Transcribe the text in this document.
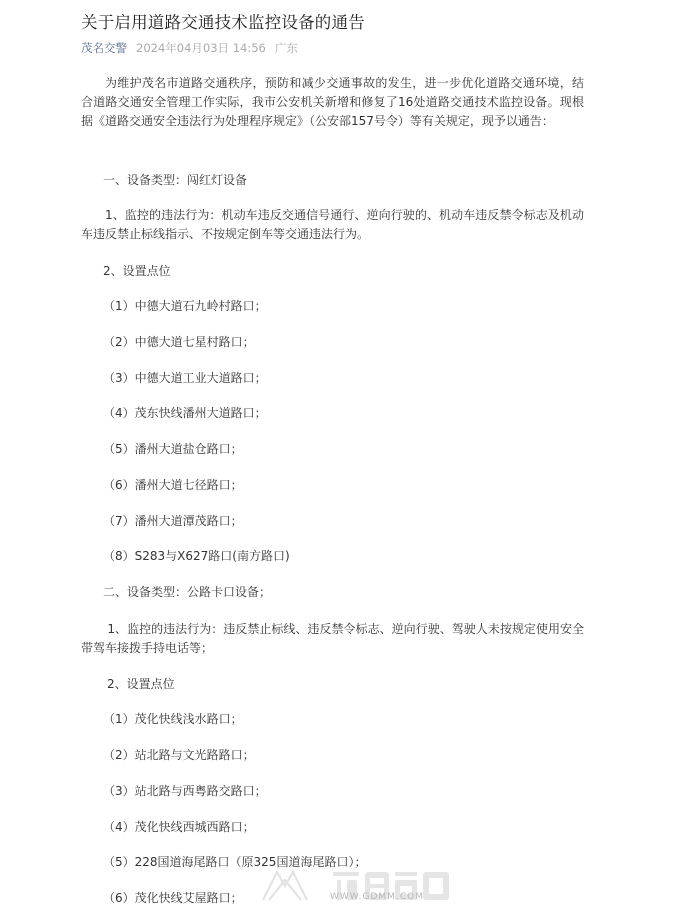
关于启用道路交通技术监控设备的通告
茂名交警 2024年04月03日 14:56 广东
为维护茂名市道路交通秩序，预防和减少交通事故的发生，进一步优化道路交通环境，结合道路交通安全管理工作实际，我市公安机关新增和修复了16处道路交通技术监控设备。现根据《道路交通安全违法行为处理程序规定》（公安部157号令）等有关规定，现予以通告：
一、设备类型：闯红灯设备
1、监控的违法行为：机动车违反交通信号通行、逆向行驶的、机动车违反禁令标志及机动车违反禁止标线指示、不按规定倒车等交通违法行为。
2、设置点位
（1）中德大道石九岭村路口；
（2）中德大道七星村路口；
（3）中德大道工业大道路口；
（4）茂东快线潘州大道路口；
（5）潘州大道盐仓路口；
（6）潘州大道七径路口；
（7）潘州大道潭茂路口；
（8）S283与X627路口(南方路口)
二、设备类型：公路卡口设备；
1、监控的违法行为：违反禁止标线、违反禁令标志、逆向行驶、驾驶人未按规定使用安全带驾车接拨手持电话等；
2、设置点位
（1）茂化快线浅水路口；
（2）站北路与文光路路口；
（3）站北路与西粤路交路口；
（4）茂化快线西城西路口；
（5）228国道海尾路口（原325国道海尾路口）；
（6）茂化快线艾屋路口；	WWW.GDMM.COM
